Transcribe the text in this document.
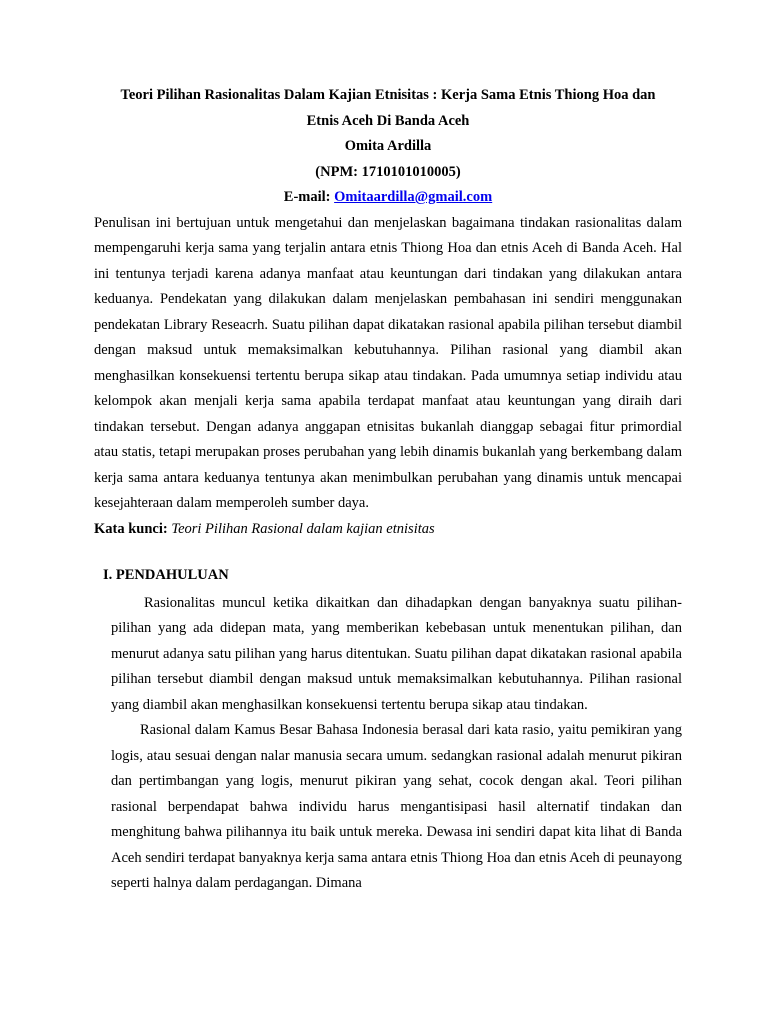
Teori Pilihan Rasionalitas Dalam Kajian Etnisitas : Kerja Sama Etnis Thiong Hoa dan
Etnis Aceh Di Banda Aceh
Omita Ardilla
(NPM: 1710101010005)
E-mail: Omitaardilla@gmail.com

Penulisan ini bertujuan untuk mengetahui dan menjelaskan bagaimana tindakan rasionalitas dalam mempengaruhi kerja sama yang terjalin antara etnis Thiong Hoa dan etnis Aceh di Banda Aceh. Hal ini tentunya terjadi karena adanya manfaat atau keuntungan dari tindakan yang dilakukan antara keduanya. Pendekatan yang dilakukan dalam menjelaskan pembahasan ini sendiri menggunakan pendekatan Library Reseacrh. Suatu pilihan dapat dikatakan rasional apabila pilihan tersebut diambil dengan maksud untuk memaksimalkan kebutuhannya. Pilihan rasional yang diambil akan menghasilkan konsekuensi tertentu berupa sikap atau tindakan. Pada umumnya setiap individu atau kelompok akan menjali kerja sama apabila terdapat manfaat atau keuntungan yang diraih dari tindakan tersebut. Dengan adanya anggapan etnisitas bukanlah dianggap sebagai fitur primordial atau statis, tetapi merupakan proses perubahan yang lebih dinamis bukanlah yang berkembang dalam kerja sama antara keduanya tentunya akan menimbulkan perubahan yang dinamis untuk mencapai kesejahteraan dalam memperoleh sumber daya.

Kata kunci: Teori Pilihan Rasional dalam kajian etnisitas

I. PENDAHULUAN

Rasionalitas muncul ketika dikaitkan dan dihadapkan dengan banyaknya suatu pilihan-pilihan yang ada didepan mata, yang memberikan kebebasan untuk menentukan pilihan, dan menurut adanya satu pilihan yang harus ditentukan. Suatu pilihan dapat dikatakan rasional apabila pilihan tersebut diambil dengan maksud untuk memaksimalkan kebutuhannya. Pilihan rasional yang diambil akan menghasilkan konsekuensi tertentu berupa sikap atau tindakan.

Rasional dalam Kamus Besar Bahasa Indonesia berasal dari kata rasio, yaitu pemikiran yang logis, atau sesuai dengan nalar manusia secara umum. sedangkan rasional adalah menurut pikiran dan pertimbangan yang logis, menurut pikiran yang sehat, cocok dengan akal. Teori pilihan rasional berpendapat bahwa individu harus mengantisipasi hasil alternatif tindakan dan menghitung bahwa pilihannya itu baik untuk mereka. Dewasa ini sendiri dapat kita lihat di Banda Aceh sendiri terdapat banyaknya kerja sama antara etnis Thiong Hoa dan etnis Aceh di peunayong seperti halnya dalam perdagangan. Dimana
